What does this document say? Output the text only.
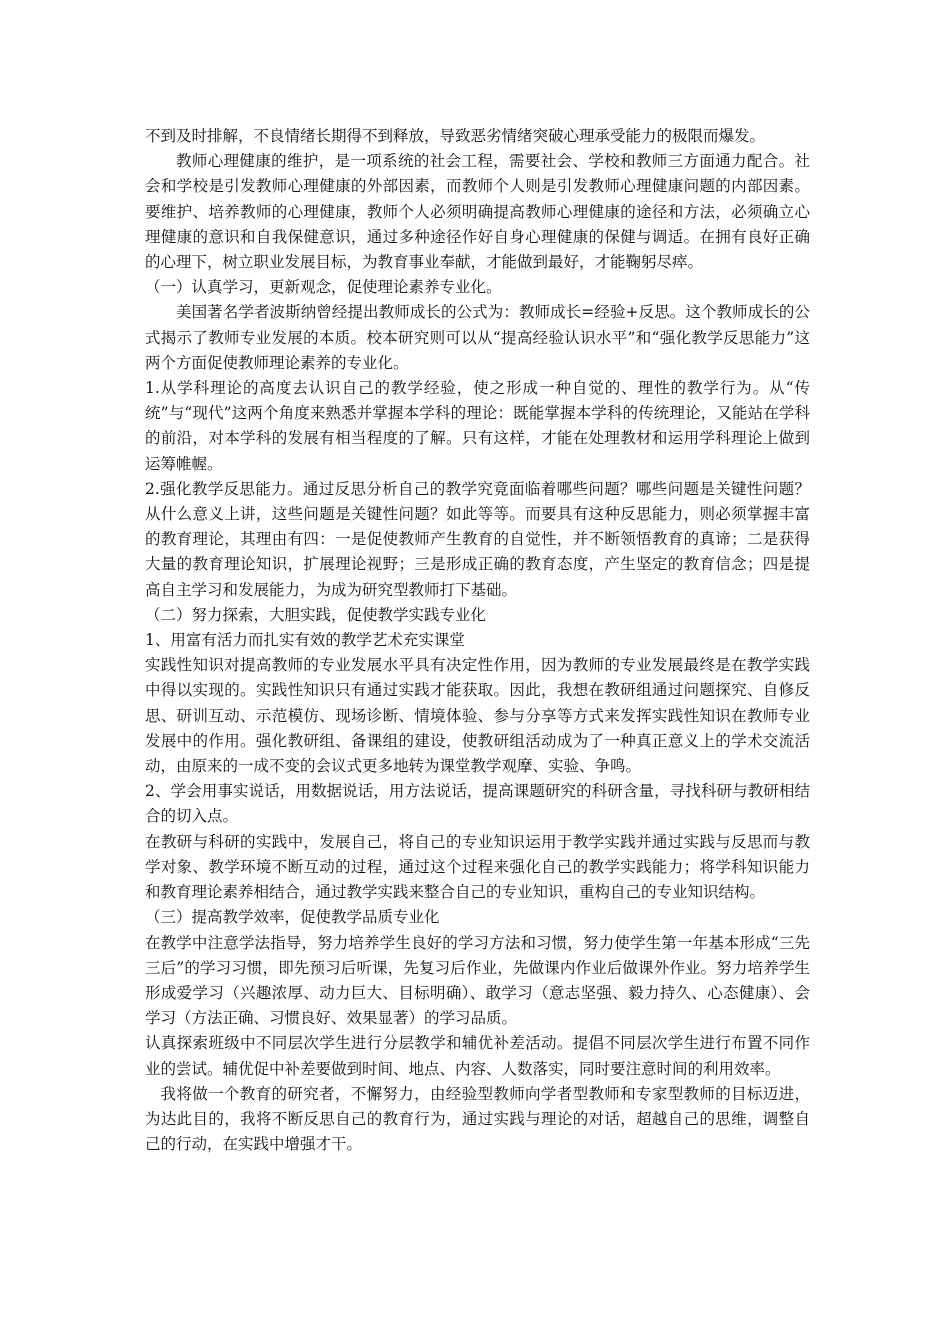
不到及时排解，不良情绪长期得不到释放，导致恶劣情绪突破心理承受能力的极限而爆发。

教师心理健康的维护，是一项系统的社会工程，需要社会、学校和教师三方面通力配合。社会和学校是引发教师心理健康的外部因素，而教师个人则是引发教师心理健康问题的内部因素。要维护、培养教师的心理健康，教师个人必须明确提高教师心理健康的途径和方法，必须确立心理健康的意识和自我保健意识，通过多种途径作好自身心理健康的保健与调适。在拥有良好正确的心理下，树立职业发展目标，为教育事业奉献，才能做到最好，才能鞠躬尽瘁。

（一）认真学习，更新观念，促使理论素养专业化。

美国著名学者波斯纳曾经提出教师成长的公式为：教师成长=经验+反思。这个教师成长的公式揭示了教师专业发展的本质。校本研究则可以从“提高经验认识水平”和“强化教学反思能力”这两个方面促使教师理论素养的专业化。

1.从学科理论的高度去认识自己的教学经验，使之形成一种自觉的、理性的教学行为。从“传统”与“现代”这两个角度来熟悉并掌握本学科的理论：既能掌握本学科的传统理论，又能站在学科的前沿，对本学科的发展有相当程度的了解。只有这样，才能在处理教材和运用学科理论上做到运筹帷幄。

2.强化教学反思能力。通过反思分析自己的教学究竟面临着哪些问题？哪些问题是关键性问题？从什么意义上讲，这些问题是关键性问题？如此等等。而要具有这种反思能力，则必须掌握丰富的教育理论，其理由有四：一是促使教师产生教育的自觉性，并不断领悟教育的真谛；二是获得大量的教育理论知识，扩展理论视野；三是形成正确的教育态度，产生坚定的教育信念；四是提高自主学习和发展能力，为成为研究型教师打下基础。

（二）努力探索，大胆实践，促使教学实践专业化

1、用富有活力而扎实有效的教学艺术充实课堂

实践性知识对提高教师的专业发展水平具有决定性作用，因为教师的专业发展最终是在教学实践中得以实现的。实践性知识只有通过实践才能获取。因此，我想在教研组通过问题探究、自修反思、研训互动、示范模仿、现场诊断、情境体验、参与分享等方式来发挥实践性知识在教师专业发展中的作用。强化教研组、备课组的建设，使教研组活动成为了一种真正意义上的学术交流活动，由原来的一成不变的会议式更多地转为课堂教学观摩、实验、争鸣。

2、学会用事实说话，用数据说话，用方法说话，提高课题研究的科研含量，寻找科研与教研相结合的切入点。

在教研与科研的实践中，发展自己，将自己的专业知识运用于教学实践并通过实践与反思而与教学对象、教学环境不断互动的过程，通过这个过程来强化自己的教学实践能力；将学科知识能力和教育理论素养相结合，通过教学实践来整合自己的专业知识，重构自己的专业知识结构。

（三）提高教学效率，促使教学品质专业化

在教学中注意学法指导，努力培养学生良好的学习方法和习惯，努力使学生第一年基本形成“三先三后”的学习习惯，即先预习后听课，先复习后作业，先做课内作业后做课外作业。努力培养学生形成爱学习（兴趣浓厚、动力巨大、目标明确）、敢学习（意志坚强、毅力持久、心态健康）、会学习（方法正确、习惯良好、效果显著）的学习品质。

认真探索班级中不同层次学生进行分层教学和辅优补差活动。提倡不同层次学生进行布置不同作业的尝试。辅优促中补差要做到时间、地点、内容、人数落实，同时要注意时间的利用效率。

我将做一个教育的研究者，不懈努力，由经验型教师向学者型教师和专家型教师的目标迈进，为达此目的，我将不断反思自己的教育行为，通过实践与理论的对话，超越自己的思维，调整自己的行动，在实践中增强才干。
